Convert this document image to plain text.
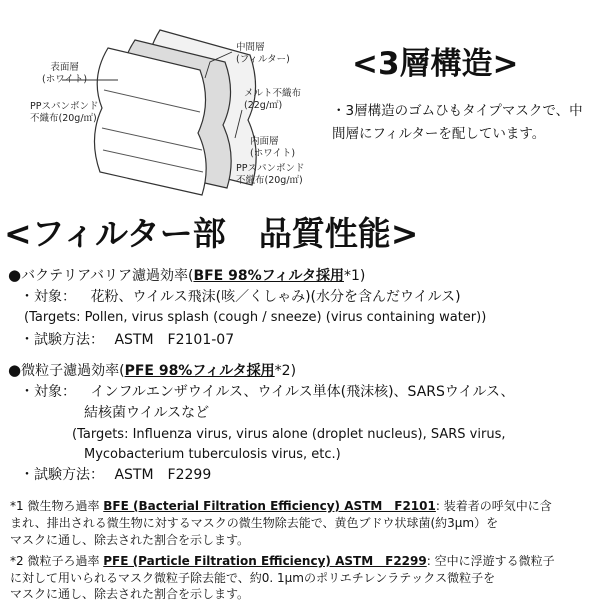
表面層
(ホワイト)
PPスパンボンド
不織布(20g/㎡)
中間層
(フィルター)
メルト不織布
(22g/㎡)
内面層
(ホワイト)
PPスパンボンド
不織布(20g/㎡)
<3層構造>
・3層構造のゴムひもタイプマスクで、中間層にフィルターを配しています。
<フィルター部　品質性能>
●バクテリアバリア濾過効率(BFE 98%フィルタ採用*1)
・対象： 花粉、ウイルス飛沫(咳／くしゃみ)(水分を含んだウイルス)
(Targets: Pollen, virus splash (cough / sneeze) (virus containing water))
・試験方法： ASTM　F2101-07
●微粒子濾過効率(PFE 98%フィルタ採用*2)
・対象： インフルエンザウイルス、ウイルス単体(飛沫核)、SARSウイルス、
結核菌ウイルスなど
(Targets: Influenza virus, virus alone (droplet nucleus), SARS virus,
Mycobacterium tuberculosis virus, etc.)
・試験方法： ASTM　F2299
*1 微生物ろ過率 BFE (Bacterial Filtration Efficiency) ASTM　F2101: 装着者の呼気中に含
まれ、排出される微生物に対するマスクの微生物除去能で、黄色ブドウ状球菌(約3μm）を
マスクに通し、除去された割合を示します。
*2 微粒子ろ過率 PFE (Particle Filtration Efficiency) ASTM　F2299: 空中に浮遊する微粒子
に対して用いられるマスク微粒子除去能で、約0. 1μmのポリエチレンラテックス微粒子を
マスクに通し、除去された割合を示します。
